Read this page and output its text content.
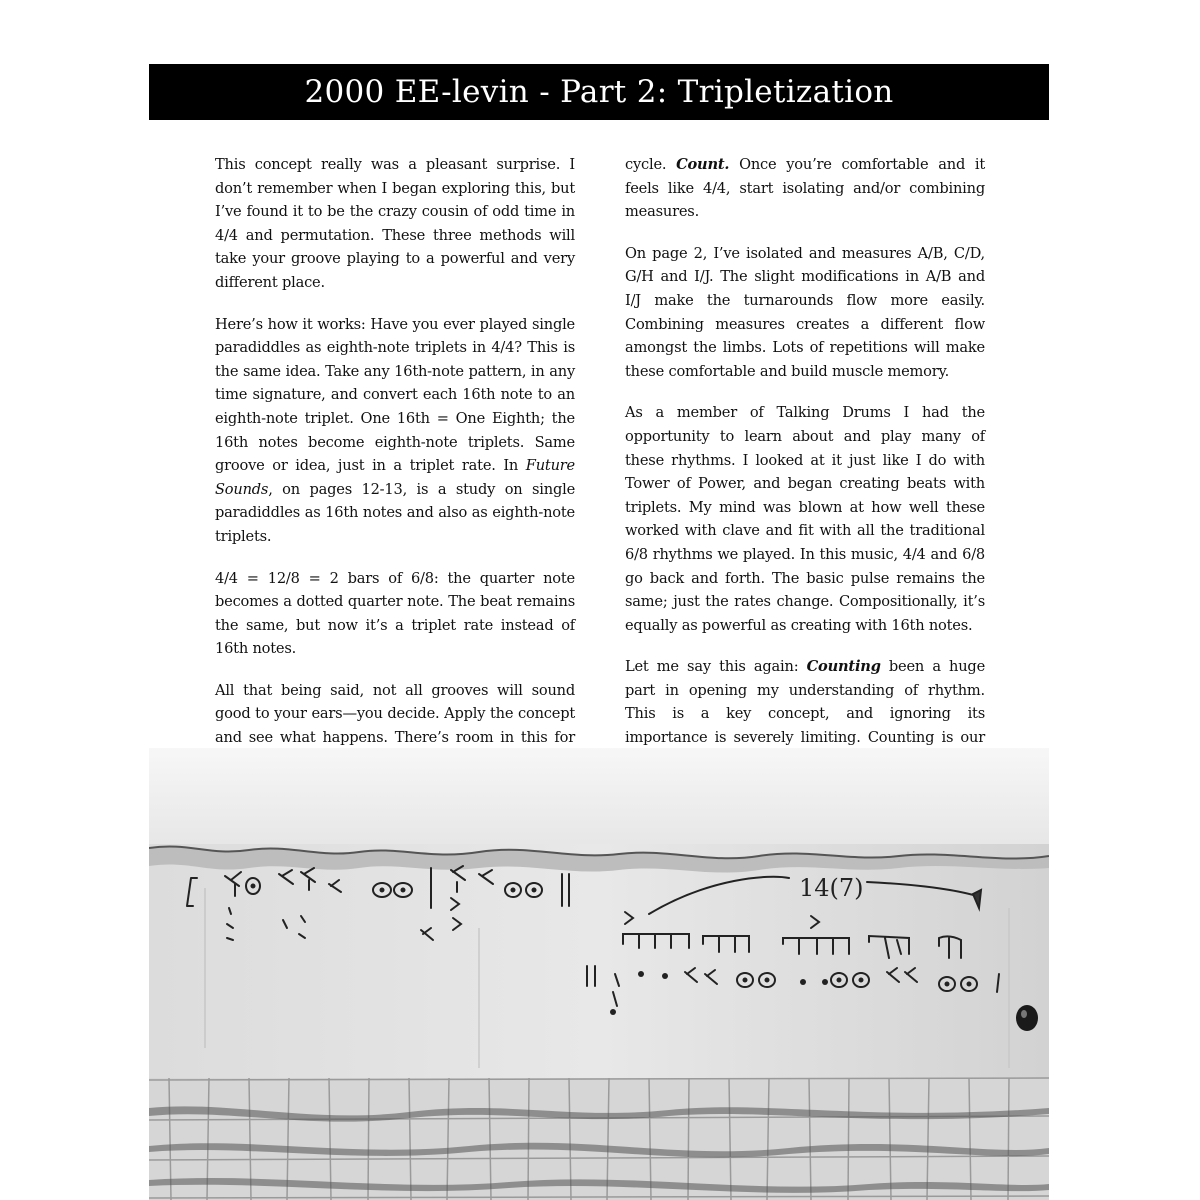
2000 EE-levin - Part 2: Tripletization

This concept really was a pleasant surprise. I don’t remember when I began exploring this, but I’ve found it to be the crazy cousin of odd time in 4/4 and permutation. These three methods will take your groove playing to a powerful and very different place.

Here’s how it works: Have you ever played single paradiddles as eighth-note triplets in 4/4? This is the same idea. Take any 16th-note pattern, in any time signature, and convert each 16th note to an eighth-note triplet. One 16th = One Eighth; the 16th notes become eighth-note triplets. Same groove or idea, just in a triplet rate. In Future Sounds, on pages 12-13, is a study on single paradiddles as 16th notes and also as eighth-note triplets.

4/4 = 12/8 = 2 bars of 6/8: the quarter note becomes a dotted quarter note. The beat remains the same, but now it’s a triplet rate instead of 16th notes.

All that being said, not all grooves will sound good to your ears—you decide. Apply the concept and see what happens. There’s room in this for

cycle. Count. Once you’re comfortable and it feels like 4/4, start isolating and/or combining measures.

On page 2, I’ve isolated and measures A/B, C/D, G/H and I/J. The slight modifications in A/B and I/J make the turnarounds flow more easily. Combining measures creates a different flow amongst the limbs. Lots of repetitions will make these comfortable and build muscle memory.

As a member of Talking Drums I had the opportunity to learn about and play many of these rhythms. I looked at it just like I do with Tower of Power, and began creating beats with triplets. My mind was blown at how well these worked with clave and fit with all the traditional 6/8 rhythms we played. In this music, 4/4 and 6/8 go back and forth. The basic pulse remains the same; just the rates change. Compositionally, it’s equally as powerful as creating with 16th notes.

Let me say this again: Counting been a huge part in opening my understanding of rhythm. This is a key concept, and ignoring its importance is severely limiting. Counting is our

14(7)
